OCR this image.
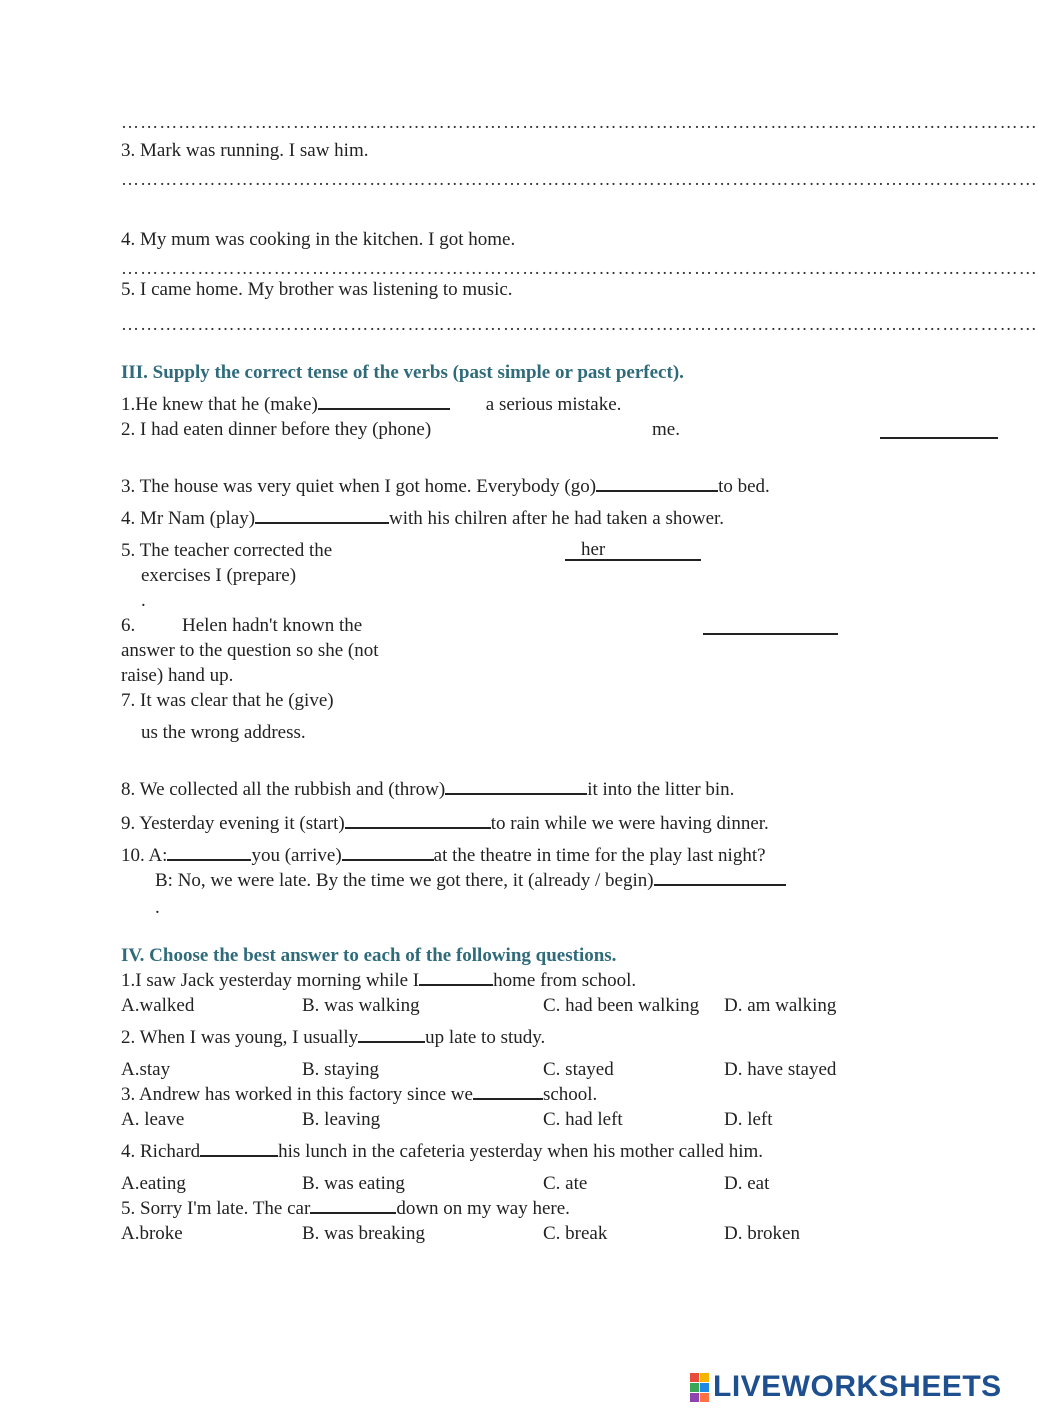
………………………………………………………………………………………………………………………………
3. Mark was running. I saw him.
………………………………………………………………………………………………………………………………
4. My mum was cooking in the kitchen. I got home.
………………………………………………………………………………………………………………………………
5. I came home. My brother was listening to music.
………………………………………………………………………………………………………………………………
III. Supply the correct tense of the verbs (past simple or past perfect).
1.He knew that he (make)	a serious mistake.
2. I had eaten dinner before they (phone)	me.
3. The house was very quiet when I got home. Everybody (go)	to bed.
4. Mr Nam (play)	with his chilren after he had taken a shower.
5. The teacher corrected the
exercises I (prepare)
.
her
6. Helen hadn't known the
answer to the question so she (not
raise) hand up.
7. It was clear that he (give)
us the wrong address.
8. We collected all the rubbish and (throw)	it into the litter bin.
9. Yesterday evening it (start)	to rain while we were having dinner.
10. A:	you (arrive)	at the theatre in time for the play last night?
B: No, we were late. By the time we got there, it (already / begin)
.
IV. Choose the best answer to each of the following questions.
1.I saw Jack yesterday morning while I	home from school.
A.walked	B. was walking	C. had been walking D. am walking
2. When I was young, I usually	up late to study.
A.stay	B. staying	C. stayed	D. have stayed
3. Andrew has worked in this factory since we	school.
A. leave	B. leaving	C. had left	D. left
4. Richard	his lunch in the cafeteria yesterday when his mother called him.
A.eating	B. was eating	C. ate	D. eat
5. Sorry I'm late. The car	down on my way here.
A.broke	B. was breaking	C. break	D. broken
LIVEWORKSHEETS
